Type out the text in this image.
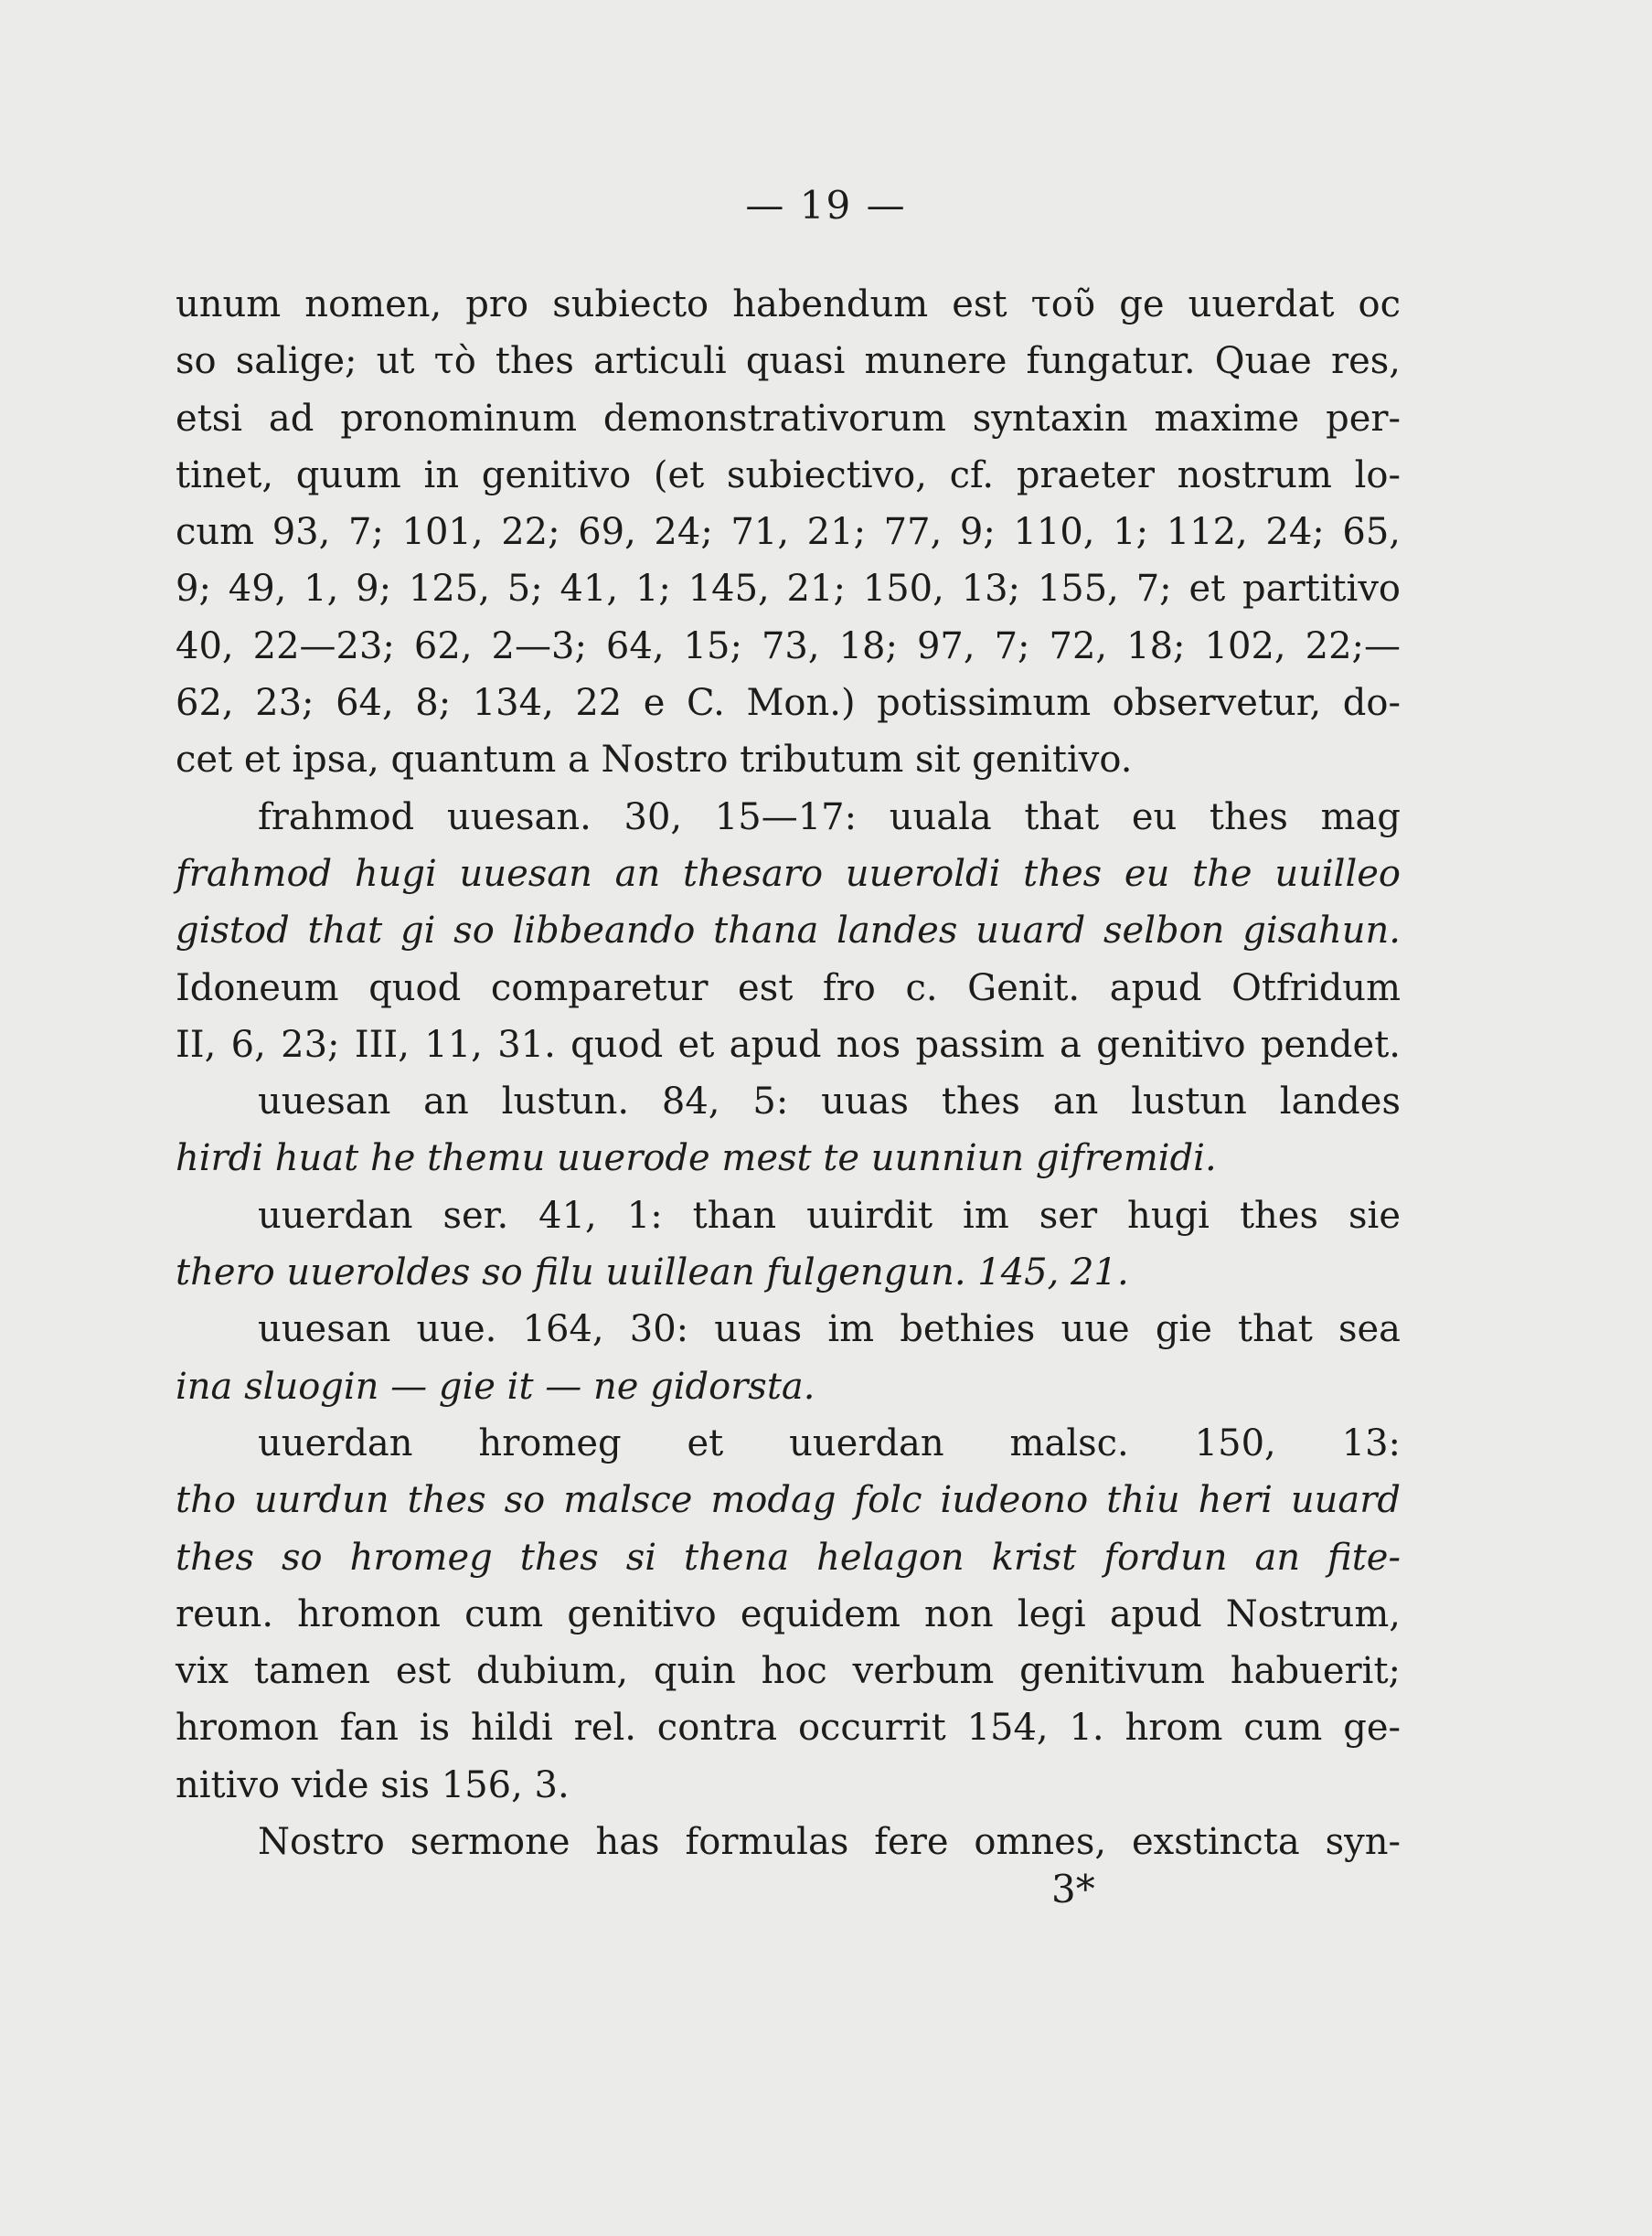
— 19 —
unum nomen, pro subiecto habendum est τοῦ ge uuerdat oc
so salige; ut τὸ thes articuli quasi munere fungatur. Quae res,
etsi ad pronominum demonstrativorum syntaxin maxime per-
tinet, quum in genitivo (et subiectivo, cf. praeter nostrum lo-
cum 93, 7; 101, 22; 69, 24; 71, 21; 77, 9; 110, 1; 112, 24; 65,
9; 49, 1, 9; 125, 5; 41, 1; 145, 21; 150, 13; 155, 7; et partitivo
40, 22—23; 62, 2—3; 64, 15; 73, 18; 97, 7; 72, 18; 102, 22;—
62, 23; 64, 8; 134, 22 e C. Mon.) potissimum observetur, do-
cet et ipsa, quantum a Nostro tributum sit genitivo.
frahmod uuesan. 30, 15—17: uuala that eu thes mag
frahmod hugi uuesan an thesaro uueroldi thes eu the uuilleo
gistod that gi so libbeando thana landes uuard selbon gisahun.
Idoneum quod comparetur est fro c. Genit. apud Otfridum
II, 6, 23; III, 11, 31. quod et apud nos passim a genitivo pendet.
uuesan an lustun. 84, 5: uuas thes an lustun landes
hirdi huat he themu uuerode mest te uunniun gifremidi.
uuerdan ser. 41, 1: than uuirdit im ser hugi thes sie
thero uueroldes so filu uuillean fulgengun. 145, 21.
uuesan uue. 164, 30: uuas im bethies uue gie that sea
ina sluogin — gie it — ne gidorsta.
uuerdan hromeg et uuerdan malsc. 150, 13:
tho uurdun thes so malsce modag folc iudeono thiu heri uuard
thes so hromeg thes si thena helagon krist fordun an fite-
reun. hromon cum genitivo equidem non legi apud Nostrum,
vix tamen est dubium, quin hoc verbum genitivum habuerit;
hromon fan is hildi rel. contra occurrit 154, 1. hrom cum ge-
nitivo vide sis 156, 3.
Nostro sermone has formulas fere omnes, exstincta syn-
3*
